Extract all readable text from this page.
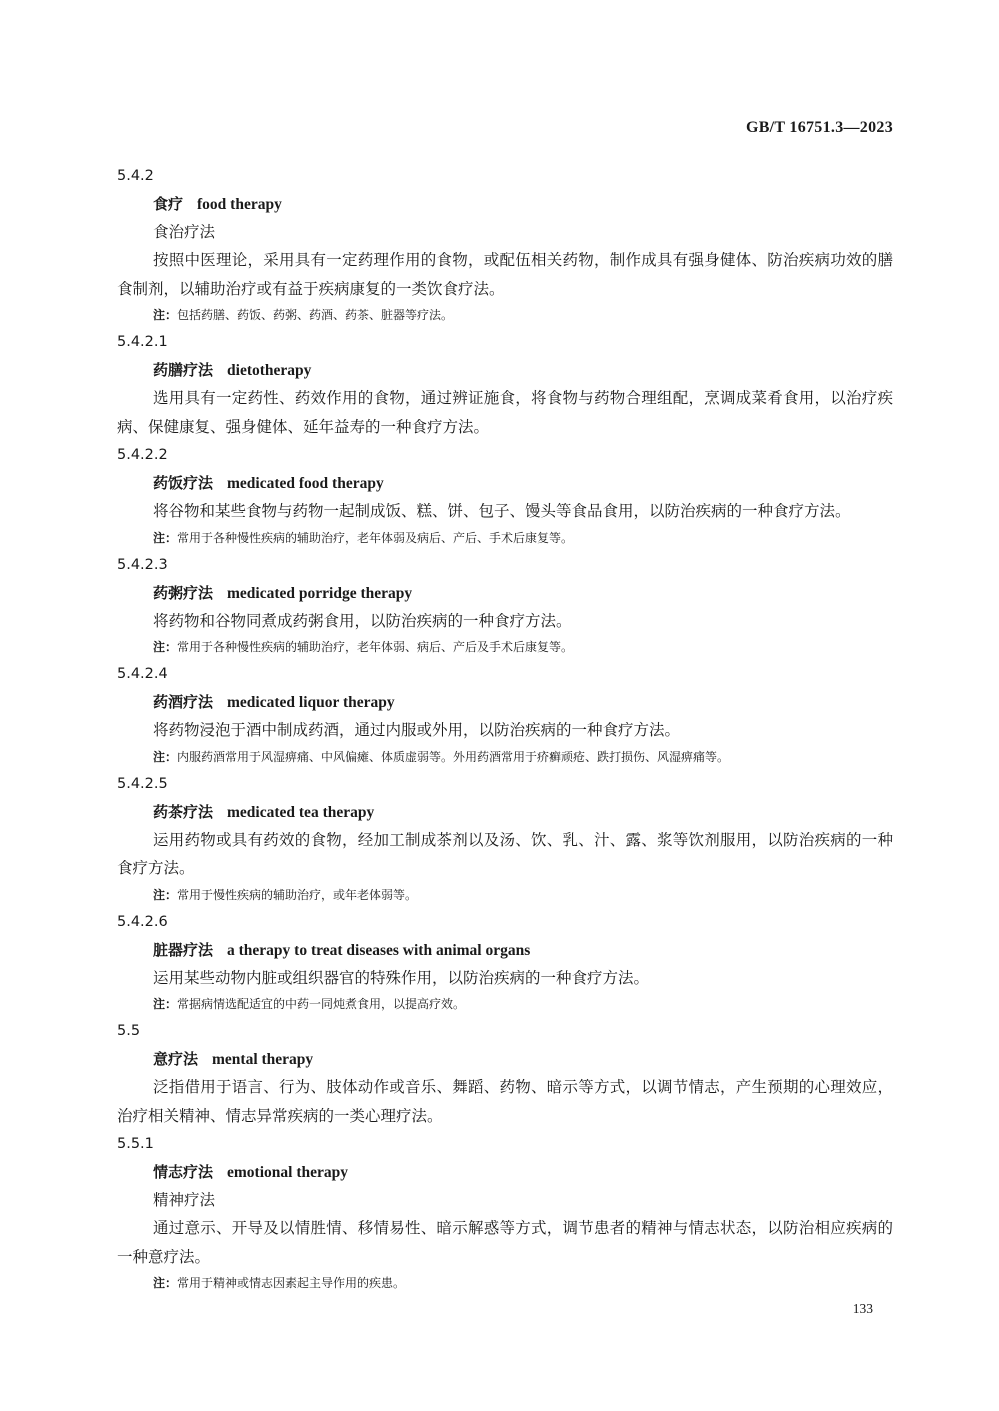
GB/T 16751.3—2023
5.4.2
食疗 food therapy
食治疗法
按照中医理论，采用具有一定药理作用的食物，或配伍相关药物，制作成具有强身健体、防治疾病功效的膳食制剂，以辅助治疗或有益于疾病康复的一类饮食疗法。
注：包括药膳、药饭、药粥、药酒、药茶、脏器等疗法。
5.4.2.1
药膳疗法 dietotherapy
选用具有一定药性、药效作用的食物，通过辨证施食，将食物与药物合理组配，烹调成菜肴食用，以治疗疾病、保健康复、强身健体、延年益寿的一种食疗方法。
5.4.2.2
药饭疗法 medicated food therapy
将谷物和某些食物与药物一起制成饭、糕、饼、包子、馒头等食品食用，以防治疾病的一种食疗方法。
注：常用于各种慢性疾病的辅助治疗，老年体弱及病后、产后、手术后康复等。
5.4.2.3
药粥疗法 medicated porridge therapy
将药物和谷物同煮成药粥食用，以防治疾病的一种食疗方法。
注：常用于各种慢性疾病的辅助治疗，老年体弱、病后、产后及手术后康复等。
5.4.2.4
药酒疗法 medicated liquor therapy
将药物浸泡于酒中制成药酒，通过内服或外用，以防治疾病的一种食疗方法。
注：内服药酒常用于风湿痹痛、中风偏瘫、体质虚弱等。外用药酒常用于疥癣顽疮、跌打损伤、风湿痹痛等。
5.4.2.5
药茶疗法 medicated tea therapy
运用药物或具有药效的食物，经加工制成茶剂以及汤、饮、乳、汁、露、浆等饮剂服用，以防治疾病的一种食疗方法。
注：常用于慢性疾病的辅助治疗，或年老体弱等。
5.4.2.6
脏器疗法 a therapy to treat diseases with animal organs
运用某些动物内脏或组织器官的特殊作用，以防治疾病的一种食疗方法。
注：常据病情选配适宜的中药一同炖煮食用，以提高疗效。
5.5
意疗法 mental therapy
泛指借用于语言、行为、肢体动作或音乐、舞蹈、药物、暗示等方式，以调节情志，产生预期的心理效应，治疗相关精神、情志异常疾病的一类心理疗法。
5.5.1
情志疗法 emotional therapy
精神疗法
通过意示、开导及以情胜情、移情易性、暗示解惑等方式，调节患者的精神与情志状态，以防治相应疾病的一种意疗法。
注：常用于精神或情志因素起主导作用的疾患。
133
